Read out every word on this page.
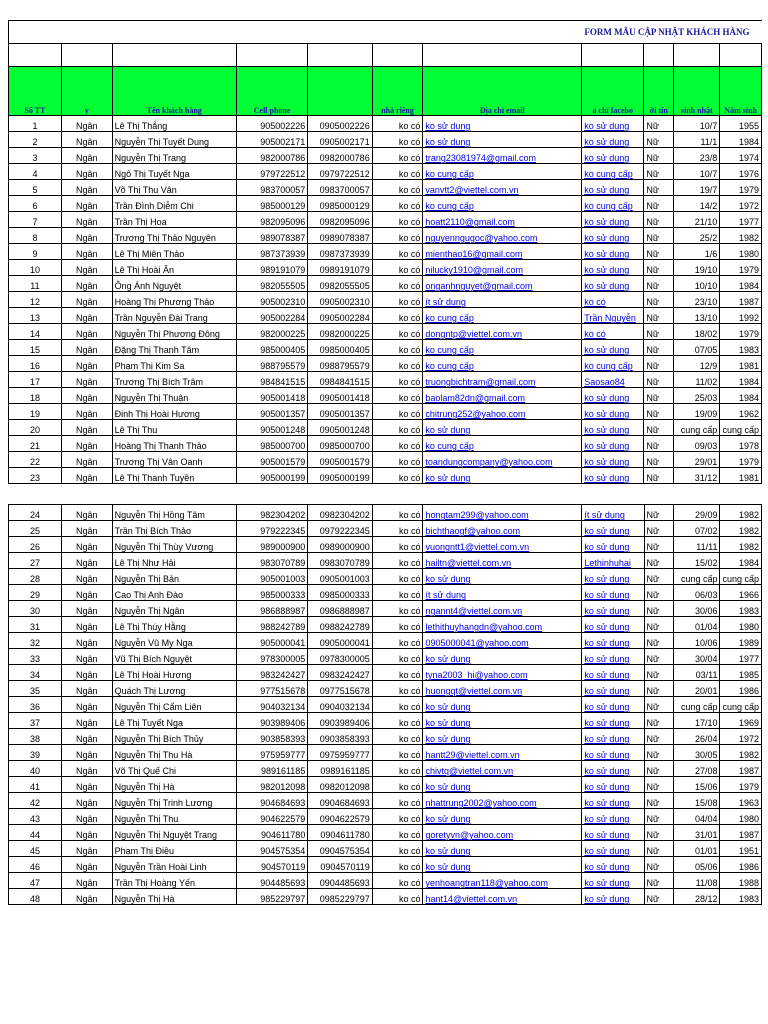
FORM MẪU CẬP NHẬT KHÁCH HÀNG										

Số TT	y	Tên khách hàng	Cell phone		nhà riêng	Địa chỉ email	a chỉ facebo	ới tín	sinh nhật	Năm sinh
1	Ngân	Lê Thị Thắng	905002226	0905002226	ko có	ko sử dụng	ko sử dụng	Nữ	10/7	1955
2	Ngân	Nguyễn Thị Tuyết Dung	905002171	0905002171	ko có	ko sử dụng	ko sử dụng	Nữ	11/1	1984
3	Ngân	Nguyễn Thị Trang	982000786	0982000786	ko có	trang23081974@gmail.com	ko sử dụng	Nữ	23/8	1974
4	Ngân	Ngô Thị Tuyết Nga	979722512	0979722512	ko có	ko cung cấp	ko cung cấp	Nữ	10/7	1976
5	Ngân	Võ Thị Thu Vân	983700057	0983700057	ko có	vanvtt2@viettel.com.vn	ko sử dụng	Nữ	19/7	1979
6	Ngân	Trần Đình Diễm Chi	985000129	0985000129	ko có	ko cung cấp	ko cung cấp	Nữ	14/2	1972
7	Ngân	Trần Thị Hoa	982095096	0982095096	ko có	hoatt2110@gmail.com	ko sử dụng	Nữ	21/10	1977
8	Ngân	Trương Thị Thảo Nguyên	989078387	0989078387	ko có	nguyenngugoc@yahoo.com	ko sử dụng	Nữ	25/2	1982
9	Ngân	Lê Thị Miên Thảo	987373939	0987373939	ko có	mienthao16@gmail.com	ko sử dụng	Nữ	1/6	1980
10	Ngân	Lê Thị Hoài Ân	989191079	0989191079	ko có	nilucky1910@gmail.com	ko sử dụng	Nữ	19/10	1979
11	Ngân	Ông Ánh Nguyệt	982055505	0982055505	ko có	onganhnguyet@gmail.com	ko sử dụng	Nữ	10/10	1984
12	Ngân	Hoàng Thị Phương Thảo	905002310	0905002310	ko có	ít sử dụng	ko có	Nữ	23/10	1987
13	Ngân	Trần Nguyễn Đài Trang	905002284	0905002284	ko có	ko cung cấp	Trần Nguyễn	Nữ	13/10	1992
14	Ngân	Nguyễn Thị Phương Đông	982000225	0982000225	ko có	dongntp@viettel.com.vn	ko có	Nữ	18/02	1979
15	Ngân	Đặng Thị Thanh Tâm	985000405	0985000405	ko có	ko cung cấp	ko sử dụng	Nữ	07/05	1983
16	Ngân	Phạm Thị Kim Sa	988795579	0988795579	ko có	ko cung cấp	ko cung cấp	Nữ	12/9	1981
17	Ngân	Trương Thị Bích Trâm	984841515	0984841515	ko có	truongbichtram@gmail.com	Saosao84	Nữ	11/02	1984
18	Ngân	Nguyễn Thị Thuận	905001418	0905001418	ko có	baolam82dn@gmail.com	ko sử dụng	Nữ	25/03	1984
19	Ngân	Đinh Thị Hoài Hương	905001357	0905001357	ko có	chitrung252@yahoo.com	ko sử dụng	Nữ	19/09	1962
20	Ngân	Lê Thị Thu	905001248	0905001248	ko có	ko sử dụng	ko sử dụng	Nữ	cung cấp	cung cấp
21	Ngân	Hoàng Thị Thanh Thảo	985000700	0985000700	ko có	ko cung cấp	ko sử dụng	Nữ	09/03	1978
22	Ngân	Trương Thị Vân Oanh	905001579	0905001579	ko có	toandungcompany@yahoo.com	ko sử dụng	Nữ	29/01	1979
23	Ngân	Lê Thị Thanh Tuyền	905000199	0905000199	ko có	ko sử dụng	ko sử dụng	Nữ	31/12	1981
24	Ngân	Nguyễn Thị Hồng Tâm	982304202	0982304202	ko có	hongtam299@yahoo.com	ít sử dụng	Nữ	29/09	1982
25	Ngân	Trần Thị Bích Thảo	979222345	0979222345	ko có	bichthaogf@yahoo.com	ko sử dụng	Nữ	07/02	1982
26	Ngân	Nguyễn Thị Thùy Vương	989000900	0989000900	ko có	vuongntt1@viettel.com.vn	ko sử dụng	Nữ	11/11	1982
27	Ngân	Lê Thị Như Hải	983070789	0983070789	ko có	hailtn@viettel.com.vn	Lethinhuhai	Nữ	15/02	1984
28	Ngân	Nguyễn Thị Bản	905001003	0905001003	ko có	ko sử dụng	ko sử dụng	Nữ	cung cấp	cung cấp
29	Ngân	Cao Thị Anh Đào	985000333	0985000333	ko có	ít sử dụng	ko sử dụng	Nữ	06/03	1966
30	Ngân	Nguyễn Thị Ngân	986888987	0986888987	ko có	ngannt4@viettel.com.vn	ko sử dụng	Nữ	30/06	1983
31	Ngân	Lê Thị Thúy Hằng	988242789	0988242789	ko có	lethithuyhangdn@yahoo.com	ko sử dụng	Nữ	01/04	1980
32	Ngân	Nguyễn Vũ My Nga	905000041	0905000041	ko có	0905000041@yahoo.com	ko sử dụng	Nữ	10/06	1989
33	Ngân	Vũ Thị Bích Nguyệt	978300005	0978300005	ko có	ko sử dụng	ko sử dụng	Nữ	30/04	1977
34	Ngân	Lê Thị Hoài Hương	983242427	0983242427	ko có	tyna2003_hi@yahoo.com	ko sử dụng	Nữ	03/11	1985
35	Ngân	Quách Thị Lương	977515678	0977515678	ko có	huongqt@viettel.com.vn	ko sử dụng	Nữ	20/01	1986
36	Ngân	Nguyễn Thị Cẩm Liên	904032134	0904032134	ko có	ko sử dụng	ko sử dụng	Nữ	cung cấp	cung cấp
37	Ngân	Lê Thị Tuyết Nga	903989406	0903989406	ko có	ko sử dụng	ko sử dụng	Nữ	17/10	1969
38	Ngân	Nguyễn Thị Bích Thủy	903858393	0903858393	ko có	ko sử dụng	ko sử dụng	Nữ	26/04	1972
39	Ngân	Nguyễn Thị Thu Hà	975959777	0975959777	ko có	hantt29@viettel.com.vn	ko sử dụng	Nữ	30/05	1982
40	Ngân	Võ Thị Quế Chi	989161185	0989161185	ko có	chivtq@viettel.com.vn	ko sử dụng	Nữ	27/08	1987
41	Ngân	Nguyễn Thị Hà	982012098	0982012098	ko có	ko sử dụng	ko sử dụng	Nữ	15/06	1979
42	Ngân	Nguyễn Thị Trinh Lương	904684693	0904684693	ko có	nhattrung2002@yahoo.com	ko sử dụng	Nữ	15/08	1963
43	Ngân	Nguyễn Thị Thu	904622579	0904622579	ko có	ko sử dụng	ko sử dụng	Nữ	04/04	1980
44	Ngân	Nguyễn Thị Nguyệt Trang	904611780	0904611780	ko có	goretyvn@yahoo.com	ko sử dụng	Nữ	31/01	1987
45	Ngân	Phạm Thị Điều	904575354	0904575354	ko có	ko sử dụng	ko sử dụng	Nữ	01/01	1951
46	Ngân	Nguyễn Trần Hoài Linh	904570119	0904570119	ko có	ko sử dụng	ko sử dụng	Nữ	05/06	1986
47	Ngân	Trần Thị Hoàng Yến	904485693	0904485693	ko có	yenhoangtran118@yahoo.com	ko sử dụng	Nữ	11/08	1988
48	Ngân	Nguyễn Thị Hà	985229797	0985229797	ko có	hant14@viettel.com.vn	ko sử dụng	Nữ	28/12	1983
